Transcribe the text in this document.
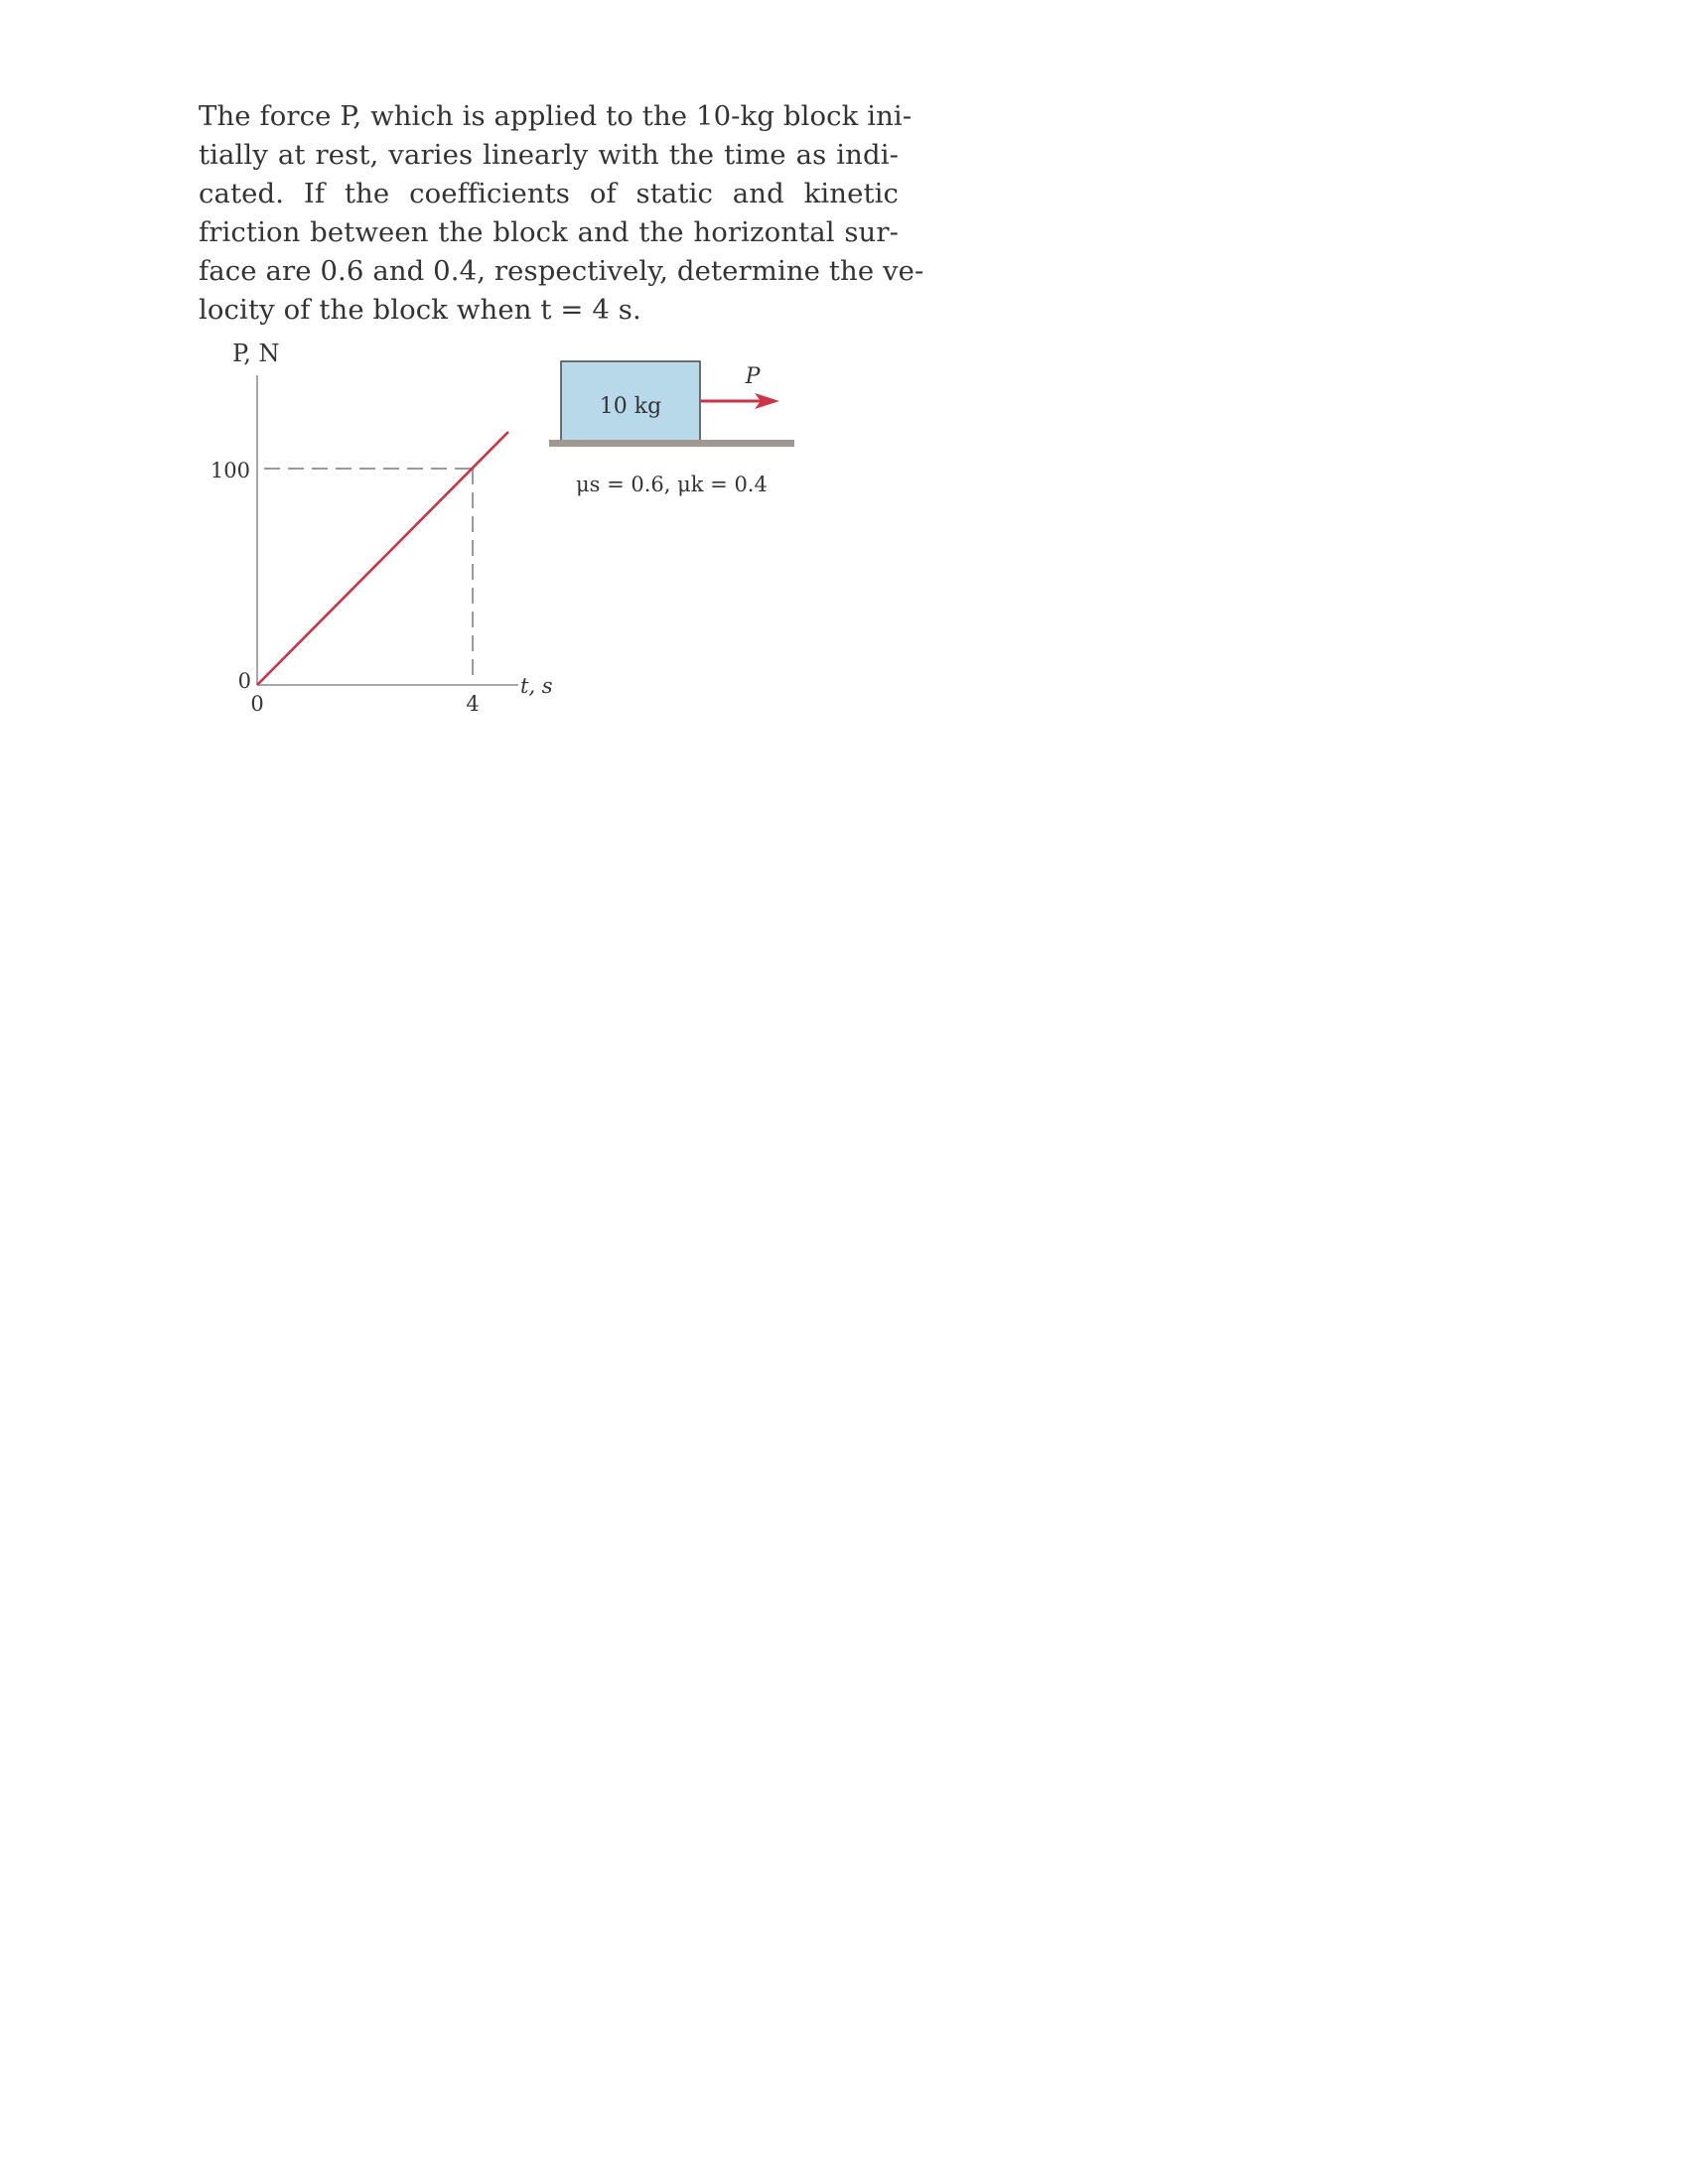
The force P, which is applied to the 10-kg block ini-
tially at rest, varies linearly with the time as indi-
cated. If the coefficients of static and kinetic
friction between the block and the horizontal sur-
face are 0.6 and 0.4, respectively, determine the ve-
locity of the block when t = 4 s.
P, N
100
0
0	4
t, s
10 kg
P
μs = 0.6, μk = 0.4
